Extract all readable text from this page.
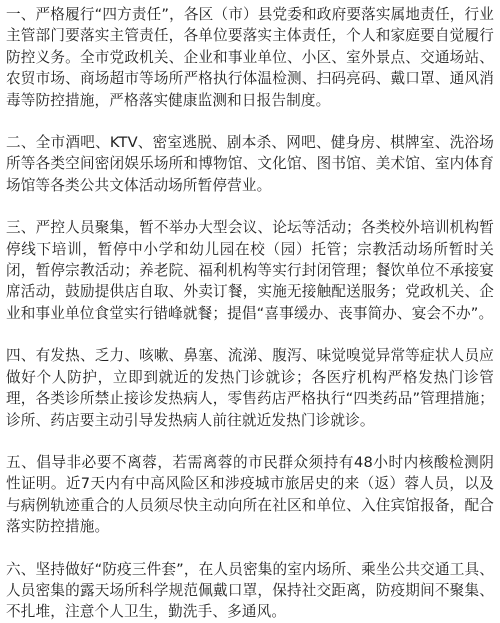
一、严格履行“四方责任”，各区（市）县党委和政府要落实属地责任，行业主管部门要落实主管责任，各单位要落实主体责任，个人和家庭要自觉履行防控义务。全市党政机关、企业和事业单位、小区、室外景点、交通场站、农贸市场、商场超市等场所严格执行体温检测、扫码亮码、戴口罩、通风消毒等防控措施，严格落实健康监测和日报告制度。

二、全市酒吧、KTV、密室逃脱、剧本杀、网吧、健身房、棋牌室、洗浴场所等各类空间密闭娱乐场所和博物馆、文化馆、图书馆、美术馆、室内体育场馆等各类公共文体活动场所暂停营业。

三、严控人员聚集，暂不举办大型会议、论坛等活动；各类校外培训机构暂停线下培训，暂停中小学和幼儿园在校（园）托管；宗教活动场所暂时关闭，暂停宗教活动；养老院、福利机构等实行封闭管理；餐饮单位不承接宴席活动，鼓励提供店自取、外卖订餐，实施无接触配送服务；党政机关、企业和事业单位食堂实行错峰就餐；提倡“喜事缓办、丧事简办、宴会不办”。

四、有发热、乏力、咳嗽、鼻塞、流涕、腹泻、味觉嗅觉异常等症状人员应做好个人防护，立即到就近的发热门诊就诊；各医疗机构严格发热门诊管理，各类诊所禁止接诊发热病人，零售药店严格执行“四类药品”管理措施；诊所、药店要主动引导发热病人前往就近发热门诊就诊。

五、倡导非必要不离蓉，若需离蓉的市民群众须持有48小时内核酸检测阴性证明。近7天内有中高风险区和涉疫城市旅居史的来（返）蓉人员，以及与病例轨迹重合的人员须尽快主动向所在社区和单位、入住宾馆报备，配合落实防控措施。

六、坚持做好“防疫三件套”，在人员密集的室内场所、乘坐公共交通工具、人员密集的露天场所科学规范佩戴口罩，保持社交距离，防疫期间不聚集、不扎堆，注意个人卫生，勤洗手、多通风。
